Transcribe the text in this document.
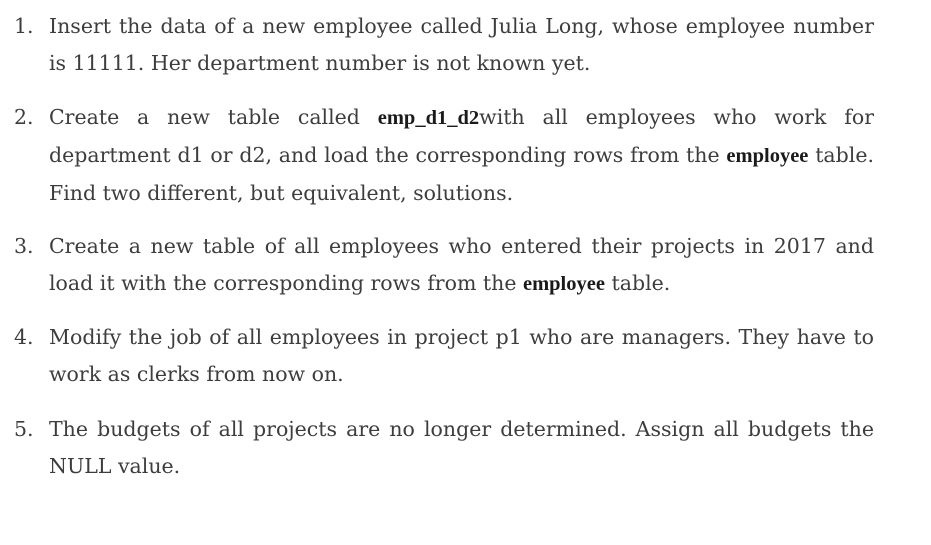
1. Insert the data of a new employee called Julia Long, whose employee number is 11111. Her department number is not known yet.
2. Create a new table called emp_d1_d2with all employees who work for department d1 or d2, and load the corresponding rows from the employee table. Find two different, but equivalent, solutions.
3. Create a new table of all employees who entered their projects in 2017 and load it with the corresponding rows from the employee table.
4. Modify the job of all employees in project p1 who are managers. They have to work as clerks from now on.
5. The budgets of all projects are no longer determined. Assign all budgets the NULL value.
